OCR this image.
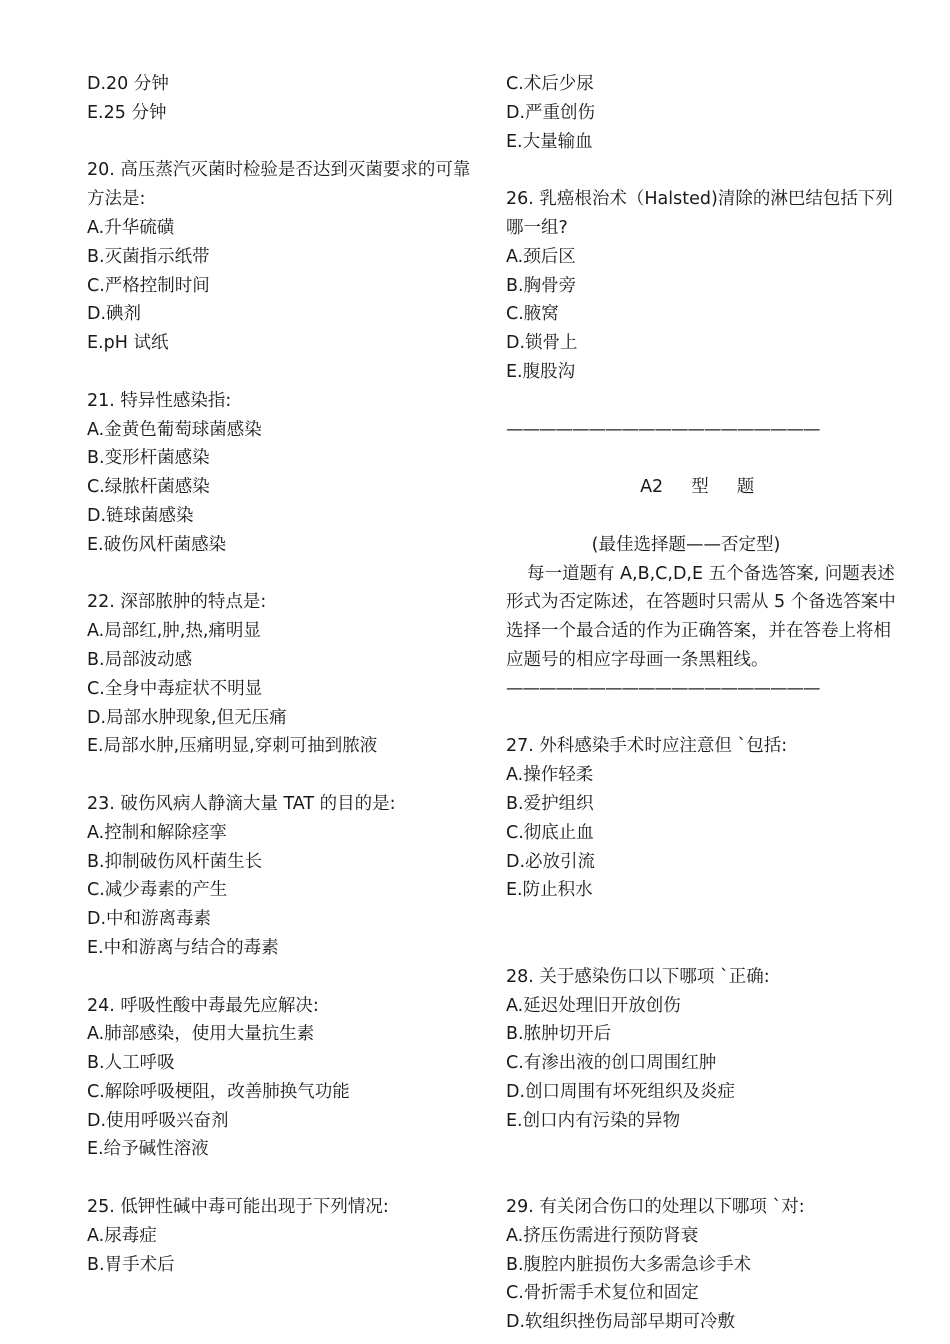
D.20 分钟
E.25 分钟
20. 高压蒸汽灭菌时检验是否达到灭菌要求的可靠方法是:
A.升华硫磺
B.灭菌指示纸带
C.严格控制时间
D.碘剂
E.pH 试纸
21. 特异性感染指:
A.金黄色葡萄球菌感染
B.变形杆菌感染
C.绿脓杆菌感染
D.链球菌感染
E.破伤风杆菌感染
22. 深部脓肿的特点是:
A.局部红,肿,热,痛明显
B.局部波动感
C.全身中毒症状不明显
D.局部水肿现象,但无压痛
E.局部水肿,压痛明显,穿刺可抽到脓液
23. 破伤风病人静滴大量 TAT 的目的是:
A.控制和解除痉挛
B.抑制破伤风杆菌生长
C.减少毒素的产生
D.中和游离毒素
E.中和游离与结合的毒素
24. 呼吸性酸中毒最先应解决:
A.肺部感染，使用大量抗生素
B.人工呼吸
C.解除呼吸梗阻，改善肺换气功能
D.使用呼吸兴奋剂
E.给予碱性溶液
25. 低钾性碱中毒可能出现于下列情况:
A.尿毒症
B.胃手术后
C.术后少尿
D.严重创伤
E.大量输血
26. 乳癌根治术（Halsted)清除的淋巴结包括下列哪一组?
A.颈后区
B.胸骨旁
C.腋窝
D.锁骨上
E.腹股沟
———————————————————

A2 型 题

(最佳选择题——否定型)
每一道题有 A,B,C,D,E 五个备选答案, 问题表述形式为否定陈述，在答题时只需从 5 个备选答案中选择一个最合适的作为正确答案，并在答卷上将相应题号的相应字母画一条黑粗线。
———————————————————
27. 外科感染手术时应注意但 `包括:
A.操作轻柔
B.爱护组织
C.彻底止血
D.必放引流
E.防止积水
28. 关于感染伤口以下哪项 `正确:
A.延迟处理旧开放创伤
B.脓肿切开后
C.有渗出液的创口周围红肿
D.创口周围有坏死组织及炎症
E.创口内有污染的异物
29. 有关闭合伤口的处理以下哪项 `对:
A.挤压伤需进行预防肾衰
B.腹腔内脏损伤大多需急诊手术
C.骨折需手术复位和固定
D.软组织挫伤局部早期可冷敷
